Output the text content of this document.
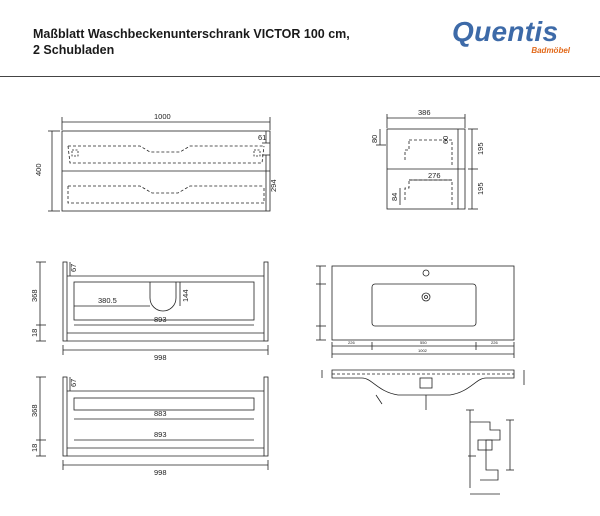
Maßblatt Waschbeckenunterschrank VICTOR 100 cm,
2 Schubladen
Quentis
Badmöbel
1000
400
61
294
386
80	60
195
276
84
195
67
368
18
380.5	144
893
998
67
368
18
883
893
998
226	550	226
1002
